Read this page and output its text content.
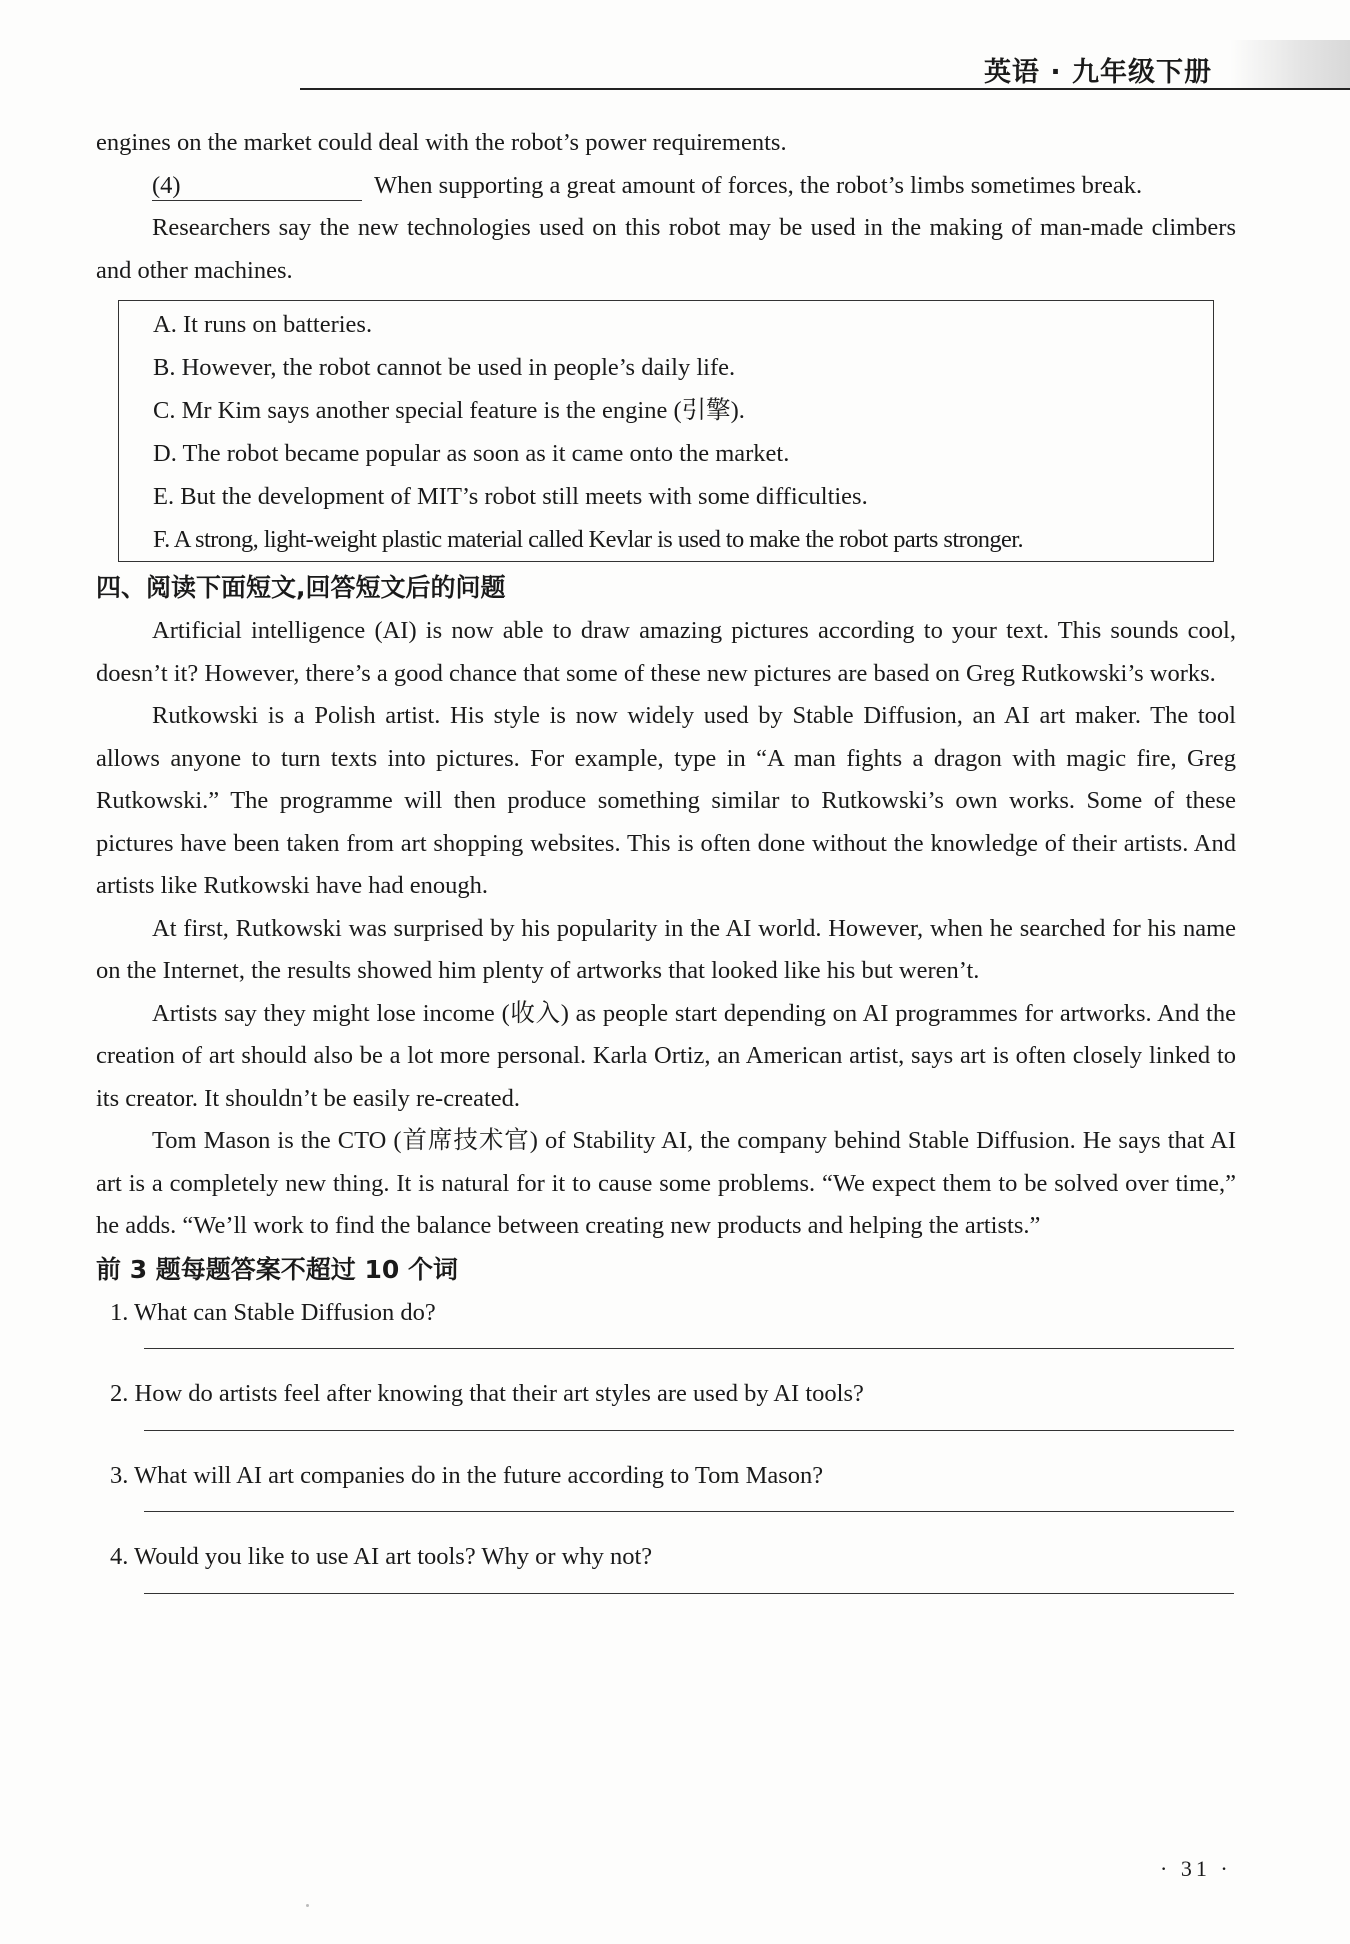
英语 · 九年级下册

engines on the market could deal with the robot’s power requirements.

(4)	When supporting a great amount of forces, the robot’s limbs sometimes break.

Researchers say the new technologies used on this robot may be used in the making of man-made climbers and other machines.

A. It runs on batteries.
B. However, the robot cannot be used in people’s daily life.
C. Mr Kim says another special feature is the engine (引擎).
D. The robot became popular as soon as it came onto the market.
E. But the development of MIT’s robot still meets with some difficulties.
F. A strong, light-weight plastic material called Kevlar is used to make the robot parts stronger.
四、阅读下面短文,回答短文后的问题

Artificial intelligence (AI) is now able to draw amazing pictures according to your text. This sounds cool, doesn’t it? However, there’s a good chance that some of these new pictures are based on Greg Rutkowski’s works.

Rutkowski is a Polish artist. His style is now widely used by Stable Diffusion, an AI art maker. The tool allows anyone to turn texts into pictures. For example, type in “A man fights a dragon with magic fire, Greg Rutkowski.” The programme will then produce something similar to Rutkowski’s own works. Some of these pictures have been taken from art shopping websites. This is often done without the knowledge of their artists. And artists like Rutkowski have had enough.

At first, Rutkowski was surprised by his popularity in the AI world. However, when he searched for his name on the Internet, the results showed him plenty of artworks that looked like his but weren’t.

Artists say they might lose income (收入) as people start depending on AI programmes for artworks. And the creation of art should also be a lot more personal. Karla Ortiz, an American artist, says art is often closely linked to its creator. It shouldn’t be easily re-created.

Tom Mason is the CTO (首席技术官) of Stability AI, the company behind Stable Diffusion. He says that AI art is a completely new thing. It is natural for it to cause some problems. “We expect them to be solved over time,” he adds. “We’ll work to find the balance between creating new products and helping the artists.”

前 3 题每题答案不超过 10 个词

1. What can Stable Diffusion do?

2. How do artists feel after knowing that their art styles are used by AI tools?

3. What will AI art companies do in the future according to Tom Mason?

4. Would you like to use AI art tools? Why or why not?

· 31 ·
